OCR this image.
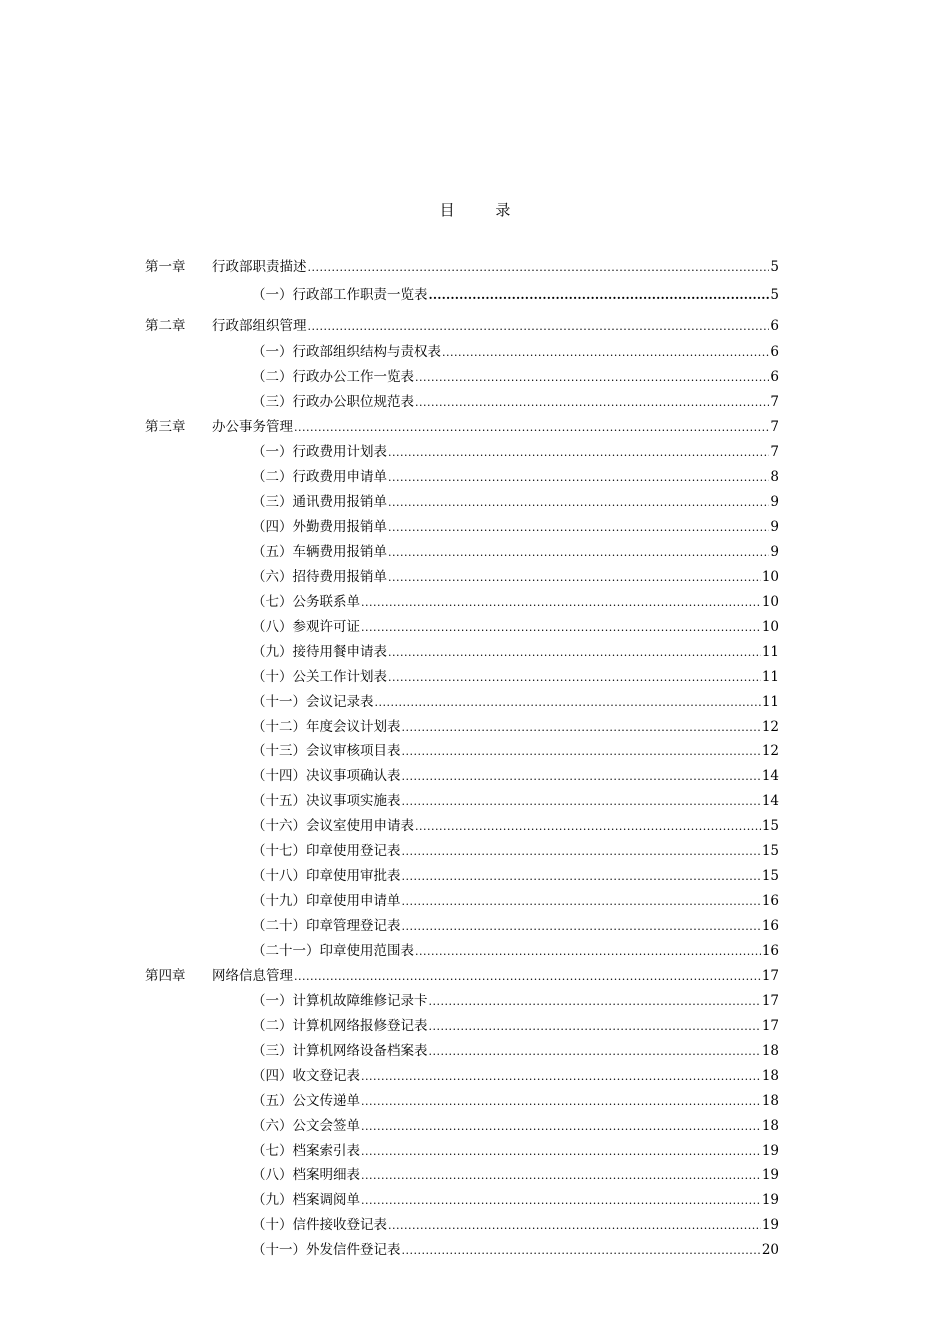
目 录
第一章 行政部职责描述 .....	5
（一）行政部工作职责一览表 .....	5
第二章 行政部组织管理 .....	6
（一）行政部组织结构与责权表 .....	6
（二）行政办公工作一览表 .....	6
（三）行政办公职位规范表 .....	7
第三章 办公事务管理 .....	7
（一）行政费用计划表 .....	7
（二）行政费用申请单 .....	8
（三）通讯费用报销单 .....	9
（四）外勤费用报销单 .....	9
（五）车辆费用报销单 .....	9
（六）招待费用报销单 .....	10
（七）公务联系单 .....	10
（八）参观许可证 .....	10
（九）接待用餐申请表 .....	11
（十）公关工作计划表 .....	11
（十一）会议记录表 .....	11
（十二）年度会议计划表 .....	12
（十三）会议审核项目表 .....	12
（十四）决议事项确认表 .....	14
（十五）决议事项实施表 .....	14
（十六）会议室使用申请表 .....	15
（十七）印章使用登记表 .....	15
（十八）印章使用审批表 .....	15
（十九）印章使用申请单 .....	16
（二十）印章管理登记表 .....	16
（二十一）印章使用范围表 .....	16
第四章 网络信息管理 .....	17
（一）计算机故障维修记录卡 .....	17
（二）计算机网络报修登记表 .....	17
（三）计算机网络设备档案表 .....	18
（四）收文登记表 .....	18
（五）公文传递单 .....	18
（六）公文会签单 .....	18
（七）档案索引表 .....	19
（八）档案明细表 .....	19
（九）档案调阅单 .....	19
（十）信件接收登记表 .....	19
（十一）外发信件登记表 .....	20
